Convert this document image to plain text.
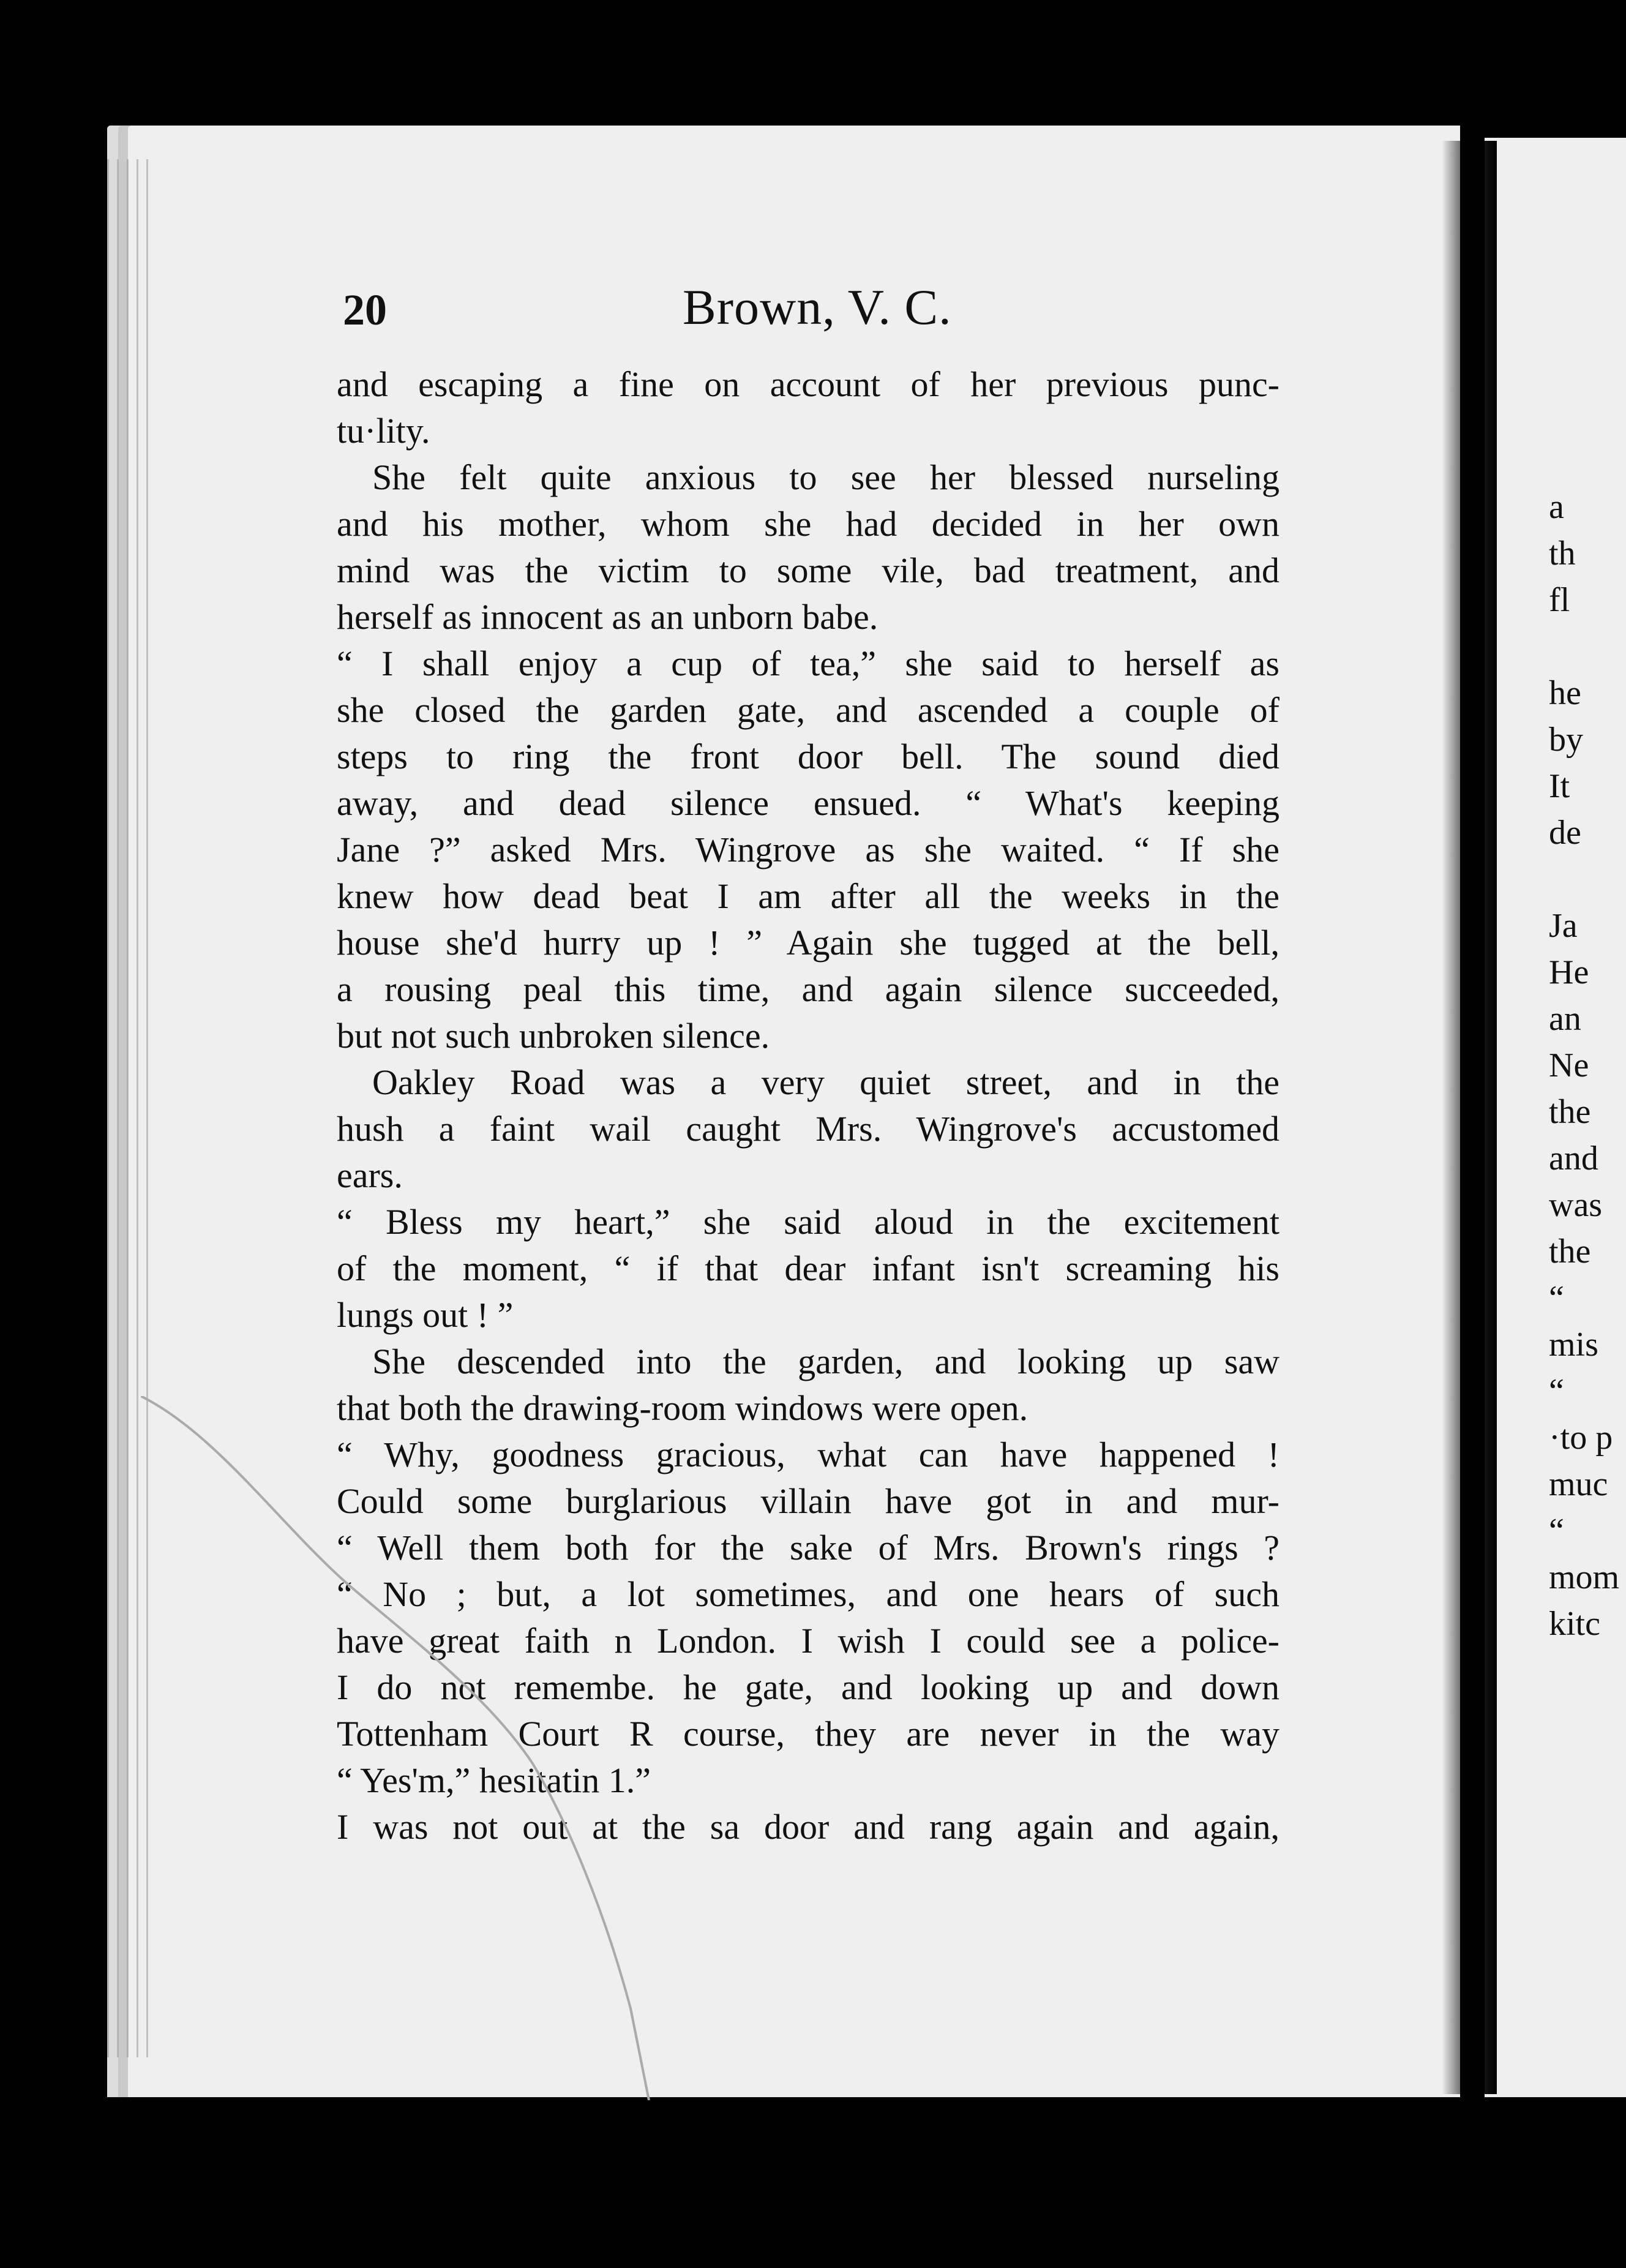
20	Brown, V. C.
and escaping a fine on account of her previous punc-
tu·lity.
She felt quite anxious to see her blessed nurseling
and his mother, whom she had decided in her own
mind was the victim to some vile, bad treatment, and
herself as innocent as an unborn babe.
“ I shall enjoy a cup of tea,” she said to herself as
she closed the garden gate, and ascended a couple of
steps to ring the front door bell. The sound died
away, and dead silence ensued. “ What's keeping
Jane ?” asked Mrs. Wingrove as she waited. “ If she
knew how dead beat I am after all the weeks in the
house she'd hurry up ! ” Again she tugged at the bell,
a rousing peal this time, and again silence succeeded,
but not such unbroken silence.
Oakley Road was a very quiet street, and in the
hush a faint wail caught Mrs. Wingrove's accustomed
ears.
“ Bless my heart,” she said aloud in the excitement
of the moment, “ if that dear infant isn't screaming his
lungs out ! ”
She descended into the garden, and looking up saw
that both the drawing-room windows were open.
“ Why, goodness gracious, what can have happened !
Could some burglarious villain have got in and mur-
“ Well them both for the sake of Mrs. Brown's rings ?
“ No ; but, a lot sometimes, and one hears of such
have great faith n London. I wish I could see a police-
I do not remembe. he gate, and looking up and down
Tottenham Court R course, they are never in the way
“ Yes'm,” hesitatin 1.”
I was not out at the sa door and rang again and again,
a
th
fl
he
by
It
de
Ja
He
an
Ne
the
and
was
the
“
mis
“
·to p
muc
“
mom
kitc
